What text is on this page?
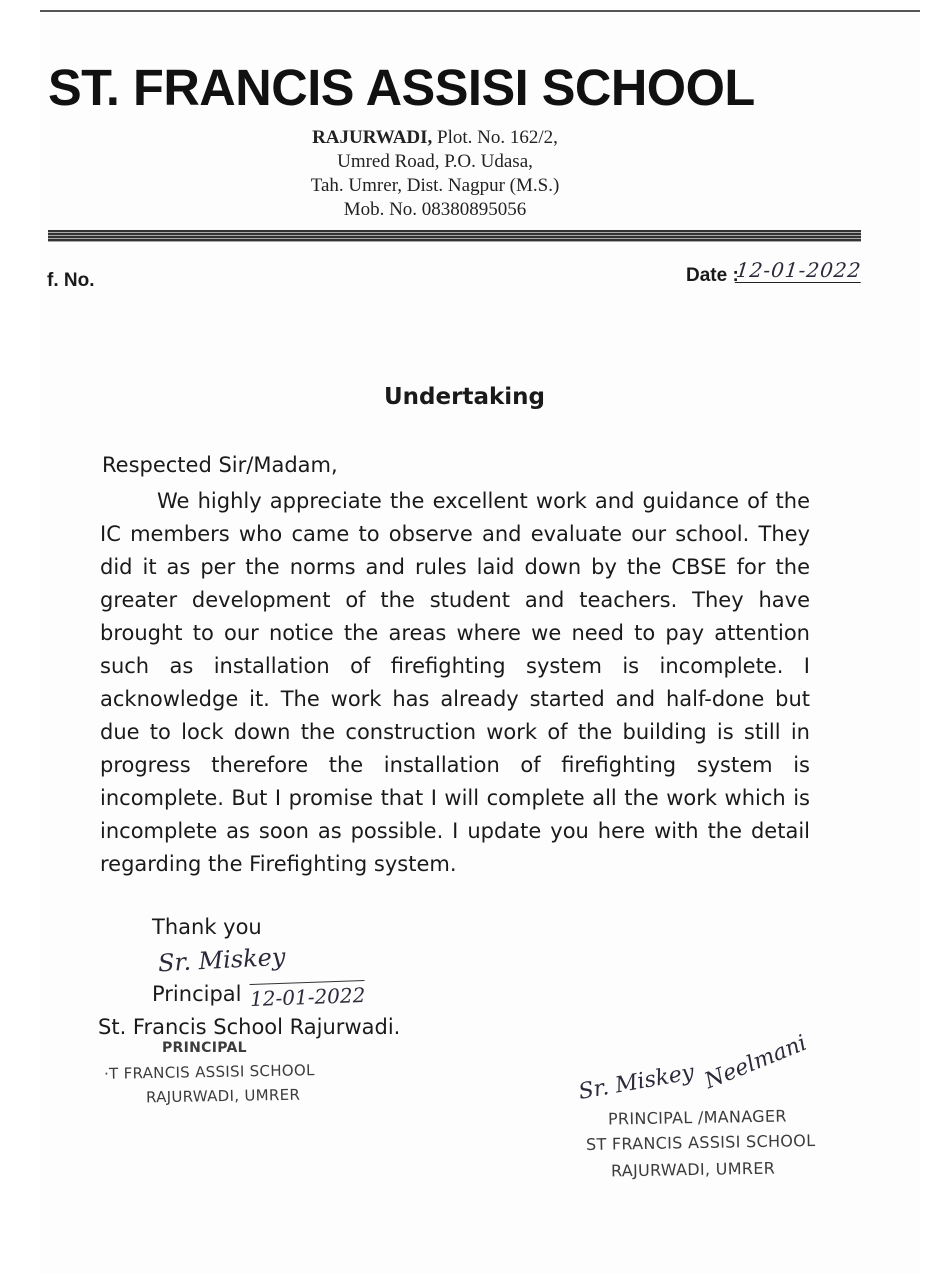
ST. FRANCIS ASSISI SCHOOL
RAJURWADI, Plot. No. 162/2,
Umred Road, P.O. Udasa,
Tah. Umrer, Dist. Nagpur (M.S.)
Mob. No. 08380895056
f. No.	Date :
12-01-2022
Undertaking
Respected Sir/Madam,
We highly appreciate the excellent work and guidance of the IC members who came to observe and evaluate our school. They did it as per the norms and rules laid down by the CBSE for the greater development of the student and teachers. They have brought to our notice the areas where we need to pay attention such as installation of firefighting system is incomplete. I acknowledge it. The work has already started and half-done but due to lock down the construction work of the building is still in progress therefore the installation of firefighting system is incomplete. But I promise that I will complete all the work which is incomplete as soon as possible. I update you here with the detail regarding the Firefighting system.
Thank you
Sr. Miskey
Principal 12-01-2022
St. Francis School Rajurwadi.
PRINCIPAL
·T FRANCIS ASSISI SCHOOL
RAJURWADI, UMRER	Sr. Miskey Neelmani
PRINCIPAL /MANAGER
ST FRANCIS ASSISI SCHOOL
RAJURWADI, UMRER
